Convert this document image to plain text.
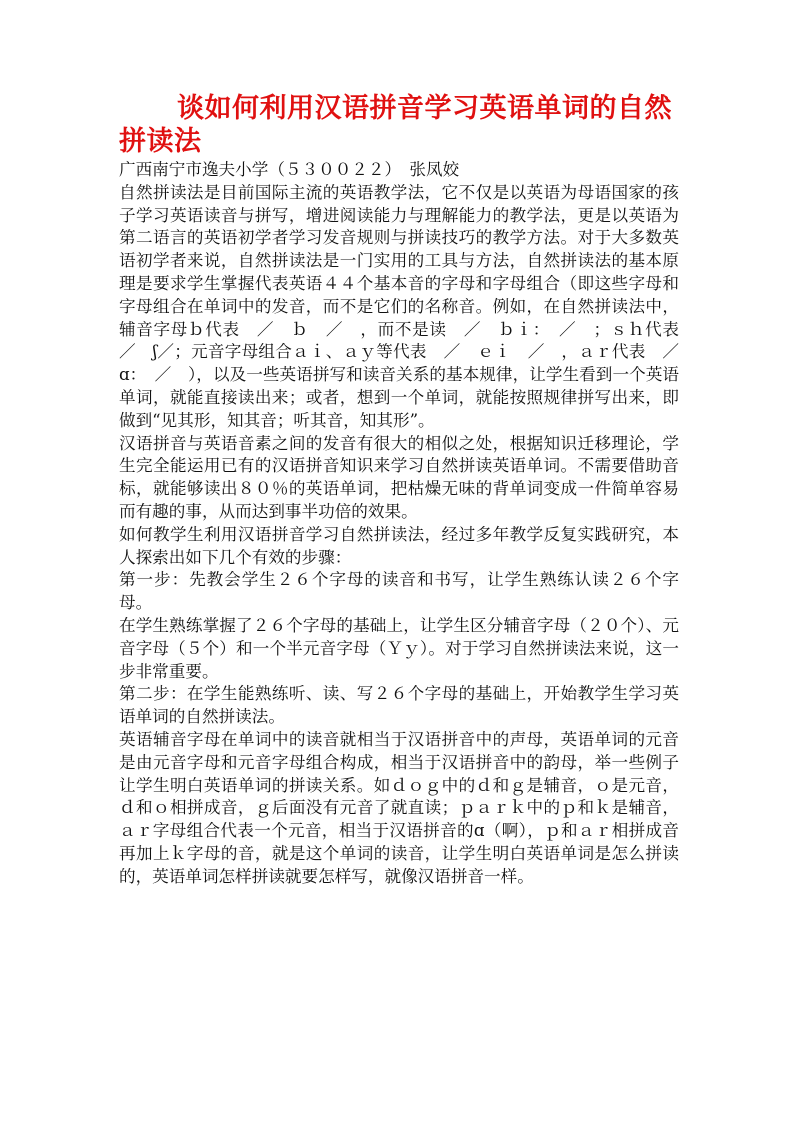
谈如何利用汉语拼音学习英语单词的自然拼读法

广西南宁市逸夫小学（５３００２２）　张凤姣

自然拼读法是目前国际主流的英语教学法，它不仅是以英语为母语国家的孩子学习英语读音与拼写，增进阅读能力与理解能力的教学法，更是以英语为第二语言的英语初学者学习发音规则与拼读技巧的教学方法。对于大多数英语初学者来说，自然拼读法是一门实用的工具与方法，自然拼读法的基本原理是要求学生掌握代表英语４４个基本音的字母和字母组合（即这些字母和字母组合在单词中的发音，而不是它们的名称音。例如，在自然拼读法中，辅音字母ｂ代表　／　ｂ　／　，而不是读　／　ｂｉ：　／　；ｓｈ代表　／　ʃ／；元音字母组合ａｉ、ａｙ等代表　／　ｅｉ　／　，ａｒ代表　／　ɑ：　／　），以及一些英语拼写和读音关系的基本规律，让学生看到一个英语单词，就能直接读出来；或者，想到一个单词，就能按照规律拼写出来，即做到“见其形，知其音；听其音，知其形”。

汉语拼音与英语音素之间的发音有很大的相似之处，根据知识迁移理论，学生完全能运用已有的汉语拼音知识来学习自然拼读英语单词。不需要借助音标，就能够读出８０％的英语单词，把枯燥无味的背单词变成一件简单容易而有趣的事，从而达到事半功倍的效果。

如何教学生利用汉语拼音学习自然拼读法，经过多年教学反复实践研究，本人探索出如下几个有效的步骤：

第一步：先教会学生２６个字母的读音和书写，让学生熟练认读２６个字母。

在学生熟练掌握了２６个字母的基础上，让学生区分辅音字母（２０个）、元音字母（５个）和一个半元音字母（Ｙｙ）。对于学习自然拼读法来说，这一步非常重要。

第二步：在学生能熟练听、读、写２６个字母的基础上，开始教学生学习英语单词的自然拼读法。

英语辅音字母在单词中的读音就相当于汉语拼音中的声母，英语单词的元音是由元音字母和元音字母组合构成，相当于汉语拼音中的韵母，举一些例子让学生明白英语单词的拼读关系。如ｄｏｇ中的ｄ和ｇ是辅音，ｏ是元音，ｄ和ｏ相拼成音，ｇ后面没有元音了就直读；ｐａｒｋ中的ｐ和ｋ是辅音，ａｒ字母组合代表一个元音，相当于汉语拼音的ɑ（啊），ｐ和ａｒ相拼成音再加上ｋ字母的音，就是这个单词的读音，让学生明白英语单词是怎么拼读的，英语单词怎样拼读就要怎样写，就像汉语拼音一样。
